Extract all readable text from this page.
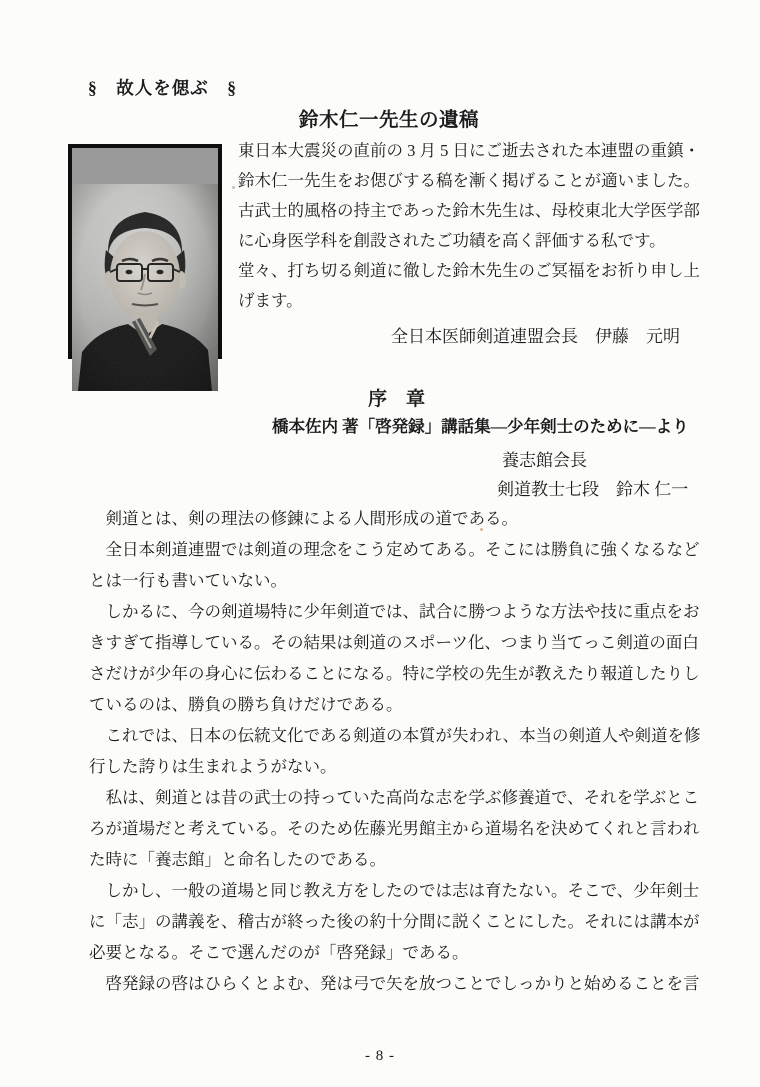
§　故人を偲ぶ　§
鈴木仁一先生の遺稿

東日本大震災の直前の 3 月 5 日にご逝去された本連盟の重鎮・
鈴木仁一先生をお偲びする稿を漸く掲げることが適いました。
古武士的風格の持主であった鈴木先生は、母校東北大学医学部
に心身医学科を創設されたご功績を高く評価する私です。
堂々、打ち切る剣道に徹した鈴木先生のご冥福をお祈り申し上
げます。
全日本医師剣道連盟会長　伊藤　元明
序　章
橋本佐内 著「啓発録」講話集―少年剣士のために―より
養志館会長
剣道教士七段　鈴木 仁一
　剣道とは、剣の理法の修錬による人間形成の道である。
　全日本剣道連盟では剣道の理念をこう定めてある。そこには勝負に強くなるなど
とは一行も書いていない。
　しかるに、今の剣道場特に少年剣道では、試合に勝つような方法や技に重点をお
きすぎて指導している。その結果は剣道のスポーツ化、つまり当てっこ剣道の面白
さだけが少年の身心に伝わることになる。特に学校の先生が教えたり報道したりし
ているのは、勝負の勝ち負けだけである。
　これでは、日本の伝統文化である剣道の本質が失われ、本当の剣道人や剣道を修
行した誇りは生まれようがない。
　私は、剣道とは昔の武士の持っていた高尚な志を学ぶ修養道で、それを学ぶとこ
ろが道場だと考えている。そのため佐藤光男館主から道場名を決めてくれと言われ
た時に「養志館」と命名したのである。
　しかし、一般の道場と同じ教え方をしたのでは志は育たない。そこで、少年剣士
に「志」の講義を、稽古が終った後の約十分間に説くことにした。それには講本が
必要となる。そこで選んだのが「啓発録」である。
　啓発録の啓はひらくとよむ、発は弓で矢を放つことでしっかりと始めることを言
- 8 -
